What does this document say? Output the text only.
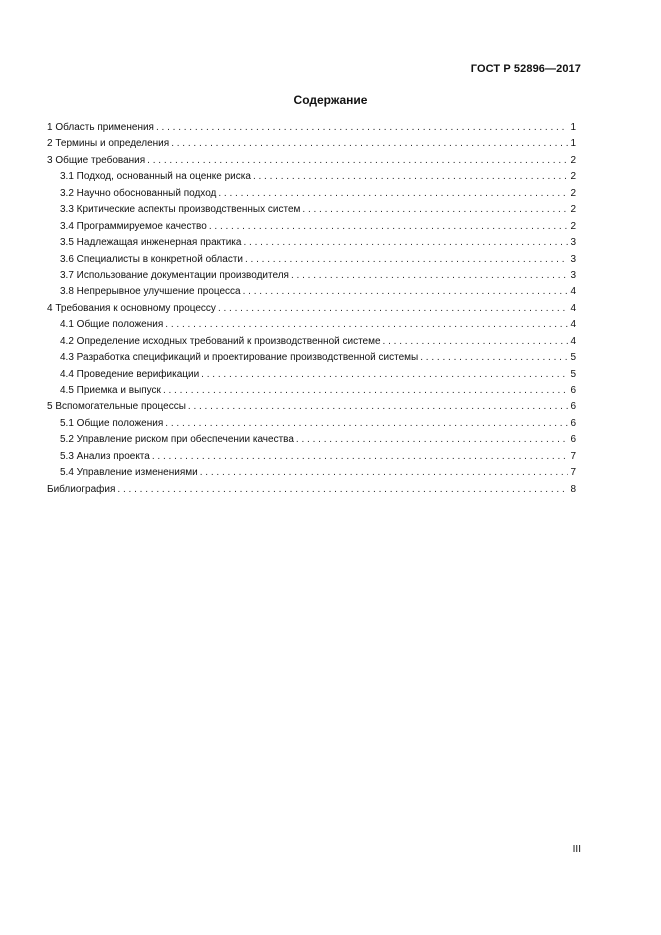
ГОСТ Р 52896—2017
Содержание
1 Область применения . . .	1
2 Термины и определения . . .	1
3 Общие требования . . .	2
3.1 Подход, основанный на оценке риска . . .	2
3.2 Научно обоснованный подход . . .	2
3.3 Критические аспекты производственных систем . . .	2
3.4 Программируемое качество . . .	2
3.5 Надлежащая инженерная практика . . .	3
3.6 Специалисты в конкретной области . . .	3
3.7 Использование документации производителя . . .	3
3.8 Непрерывное улучшение процесса . . .	4
4 Требования к основному процессу . . .	4
4.1 Общие положения . . .	4
4.2 Определение исходных требований к производственной системе . . .	4
4.3 Разработка спецификаций и проектирование производственной системы . . .	5
4.4 Проведение верификации . . .	5
4.5 Приемка и выпуск . . .	6
5 Вспомогательные процессы . . .	6
5.1 Общие положения . . .	6
5.2 Управление риском при обеспечении качества . . .	6
5.3 Анализ проекта . . .	7
5.4 Управление изменениями . . .	7
Библиография . . .	8
III
